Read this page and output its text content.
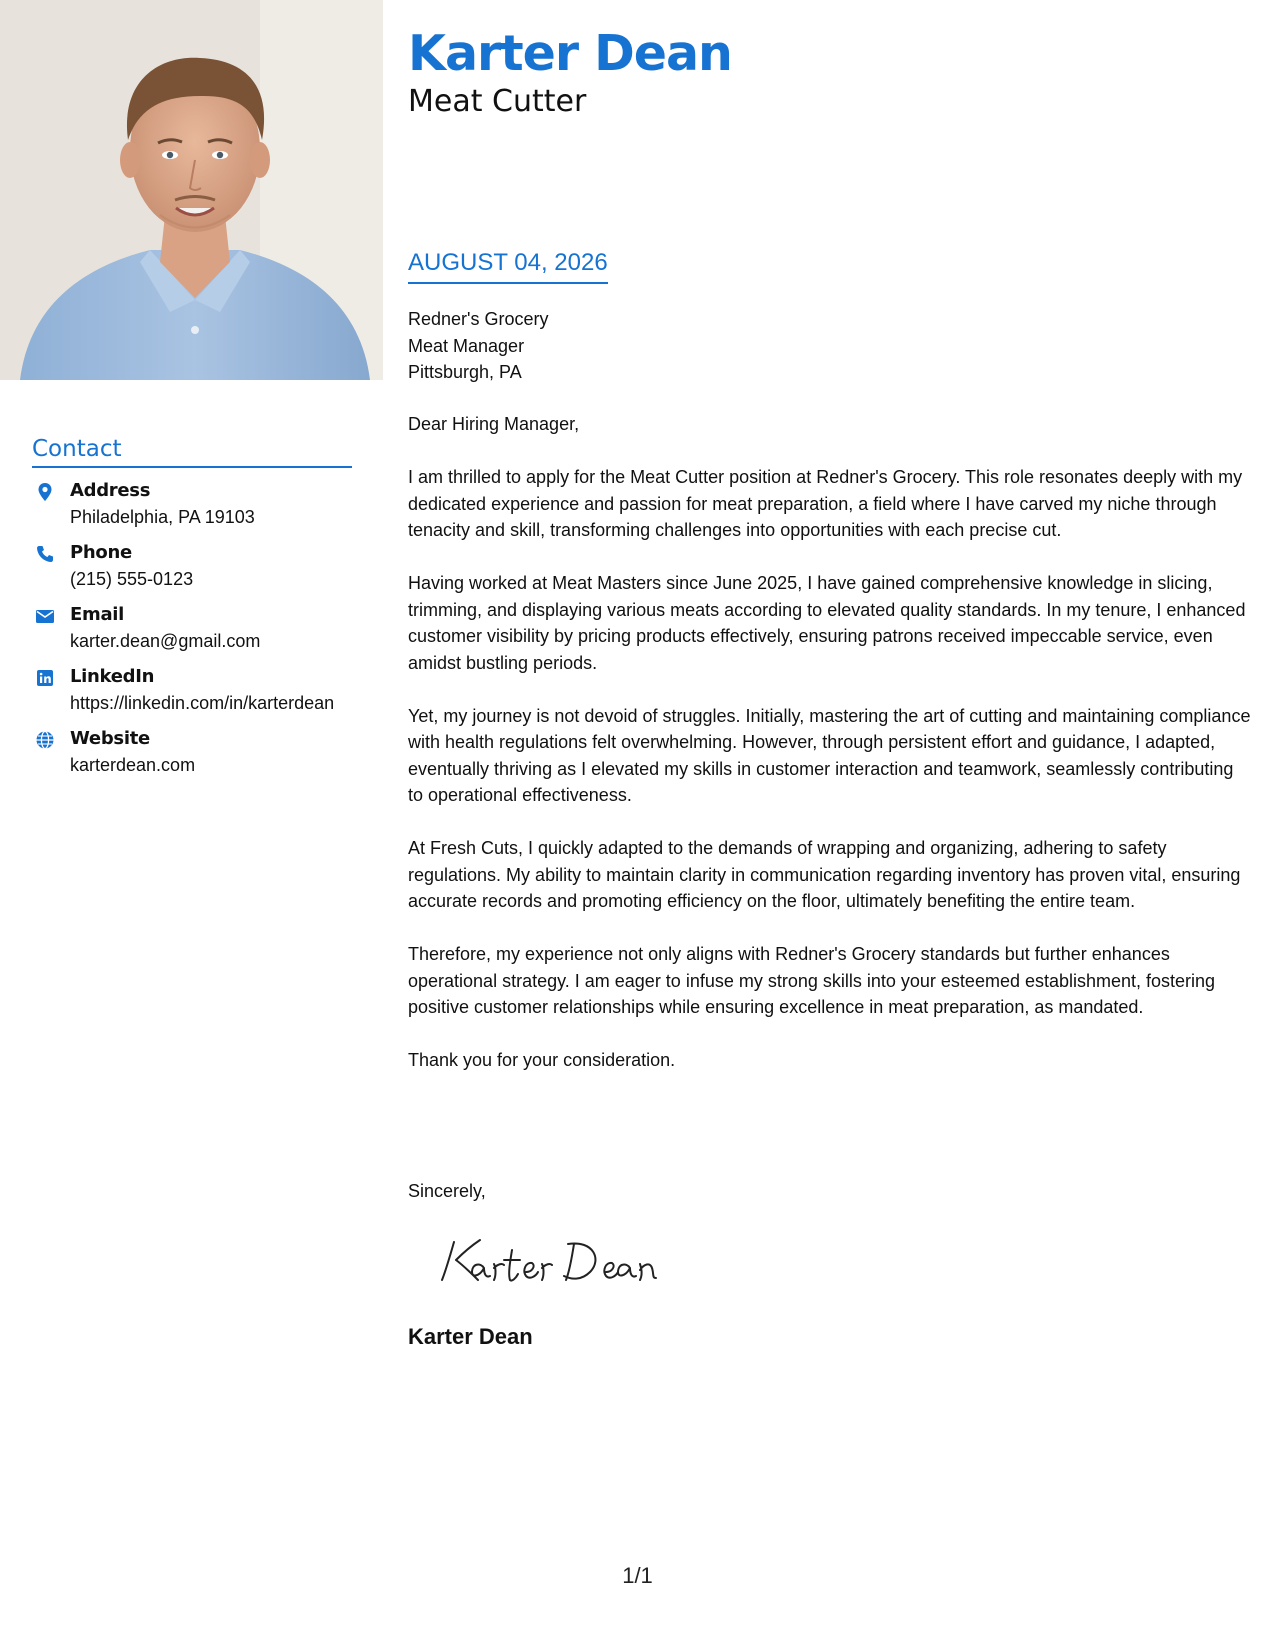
Contact
Address
Philadelphia, PA 19103
Phone
(215) 555-0123
Email
karter.dean@gmail.com
LinkedIn
https://linkedin.com/in/karterdean
Website
karterdean.com
Karter Dean
Meat Cutter
AUGUST 04, 2026
Redner's Grocery
Meat Manager
Pittsburgh, PA

Dear Hiring Manager,

I am thrilled to apply for the Meat Cutter position at Redner's Grocery. This role resonates deeply with my dedicated experience and passion for meat preparation, a field where I have carved my niche through tenacity and skill, transforming challenges into opportunities with each precise cut.

Having worked at Meat Masters since June 2025, I have gained comprehensive knowledge in slicing, trimming, and displaying various meats according to elevated quality standards. In my tenure, I enhanced customer visibility by pricing products effectively, ensuring patrons received impeccable service, even amidst bustling periods.

Yet, my journey is not devoid of struggles. Initially, mastering the art of cutting and maintaining compliance with health regulations felt overwhelming. However, through persistent effort and guidance, I adapted, eventually thriving as I elevated my skills in customer interaction and teamwork, seamlessly contributing to operational effectiveness.

At Fresh Cuts, I quickly adapted to the demands of wrapping and organizing, adhering to safety regulations. My ability to maintain clarity in communication regarding inventory has proven vital, ensuring accurate records and promoting efficiency on the floor, ultimately benefiting the entire team.

Therefore, my experience not only aligns with Redner's Grocery standards but further enhances operational strategy. I am eager to infuse my strong skills into your esteemed establishment, fostering positive customer relationships while ensuring excellence in meat preparation, as mandated.

Thank you for your consideration.

Sincerely,
Karter Dean
1/1
